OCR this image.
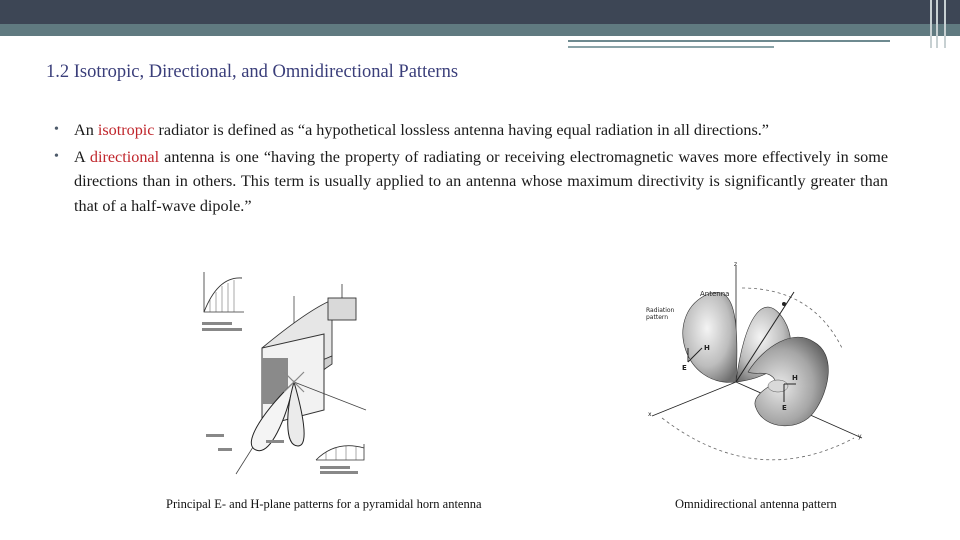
1.2 Isotropic, Directional, and Omnidirectional Patterns
• An isotropic radiator is defined as “a hypothetical lossless antenna having equal radiation in all directions.”
• A directional antenna is one “having the property of radiating or receiving electromagnetic waves more effectively in some directions than in others. This term is usually applied to an antenna whose maximum directivity is significantly greater than that of a half-wave dipole.”
Principal E- and H-plane patterns for a pyramidal horn antenna
Antenna
Radiation
pattern
H
E
H
E
z
x
y
Omnidirectional antenna pattern
